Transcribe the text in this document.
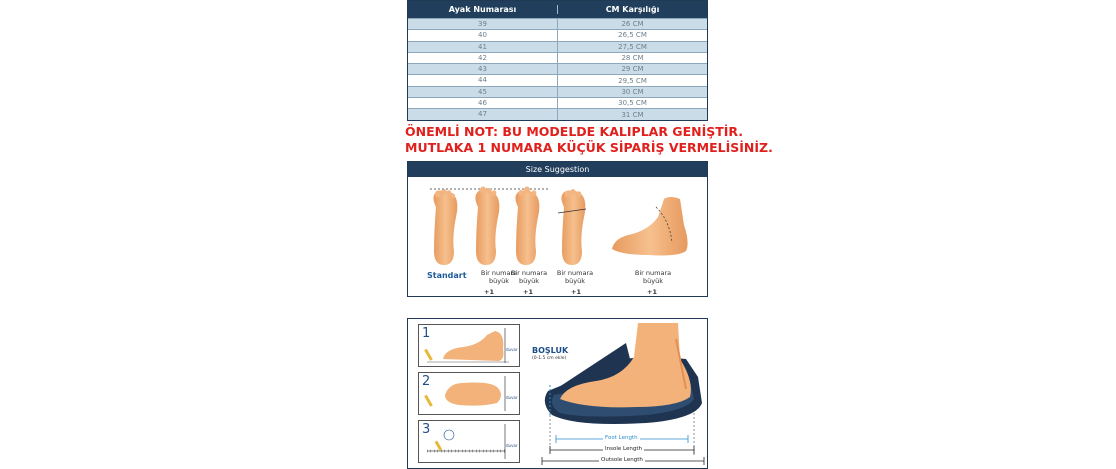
Ayak Numarası	CM Karşılığı
39	26 CM
40	26,5 CM
41	27,5 CM
42	28 CM
43	29 CM
44	29,5 CM
45	30 CM
46	30,5 CM
47	31 CM
ÖNEMLİ NOT: BU MODELDE KALIPLAR GENİŞTİR.
MUTLAKA 1 NUMARA KÜÇÜK SİPARİŞ VERMELİSİNİZ.
Size Suggestion
Standart Bir numara
büyük
Bir numara
büyük
Bir numara
büyük
Bir numara
büyük
+1	+1	+1	+1
1
duvar
2
duvar
3
duvar
BOŞLUK
(0-1.5 cm ekle)
Foot Length
Insole Length
Outsole Length
